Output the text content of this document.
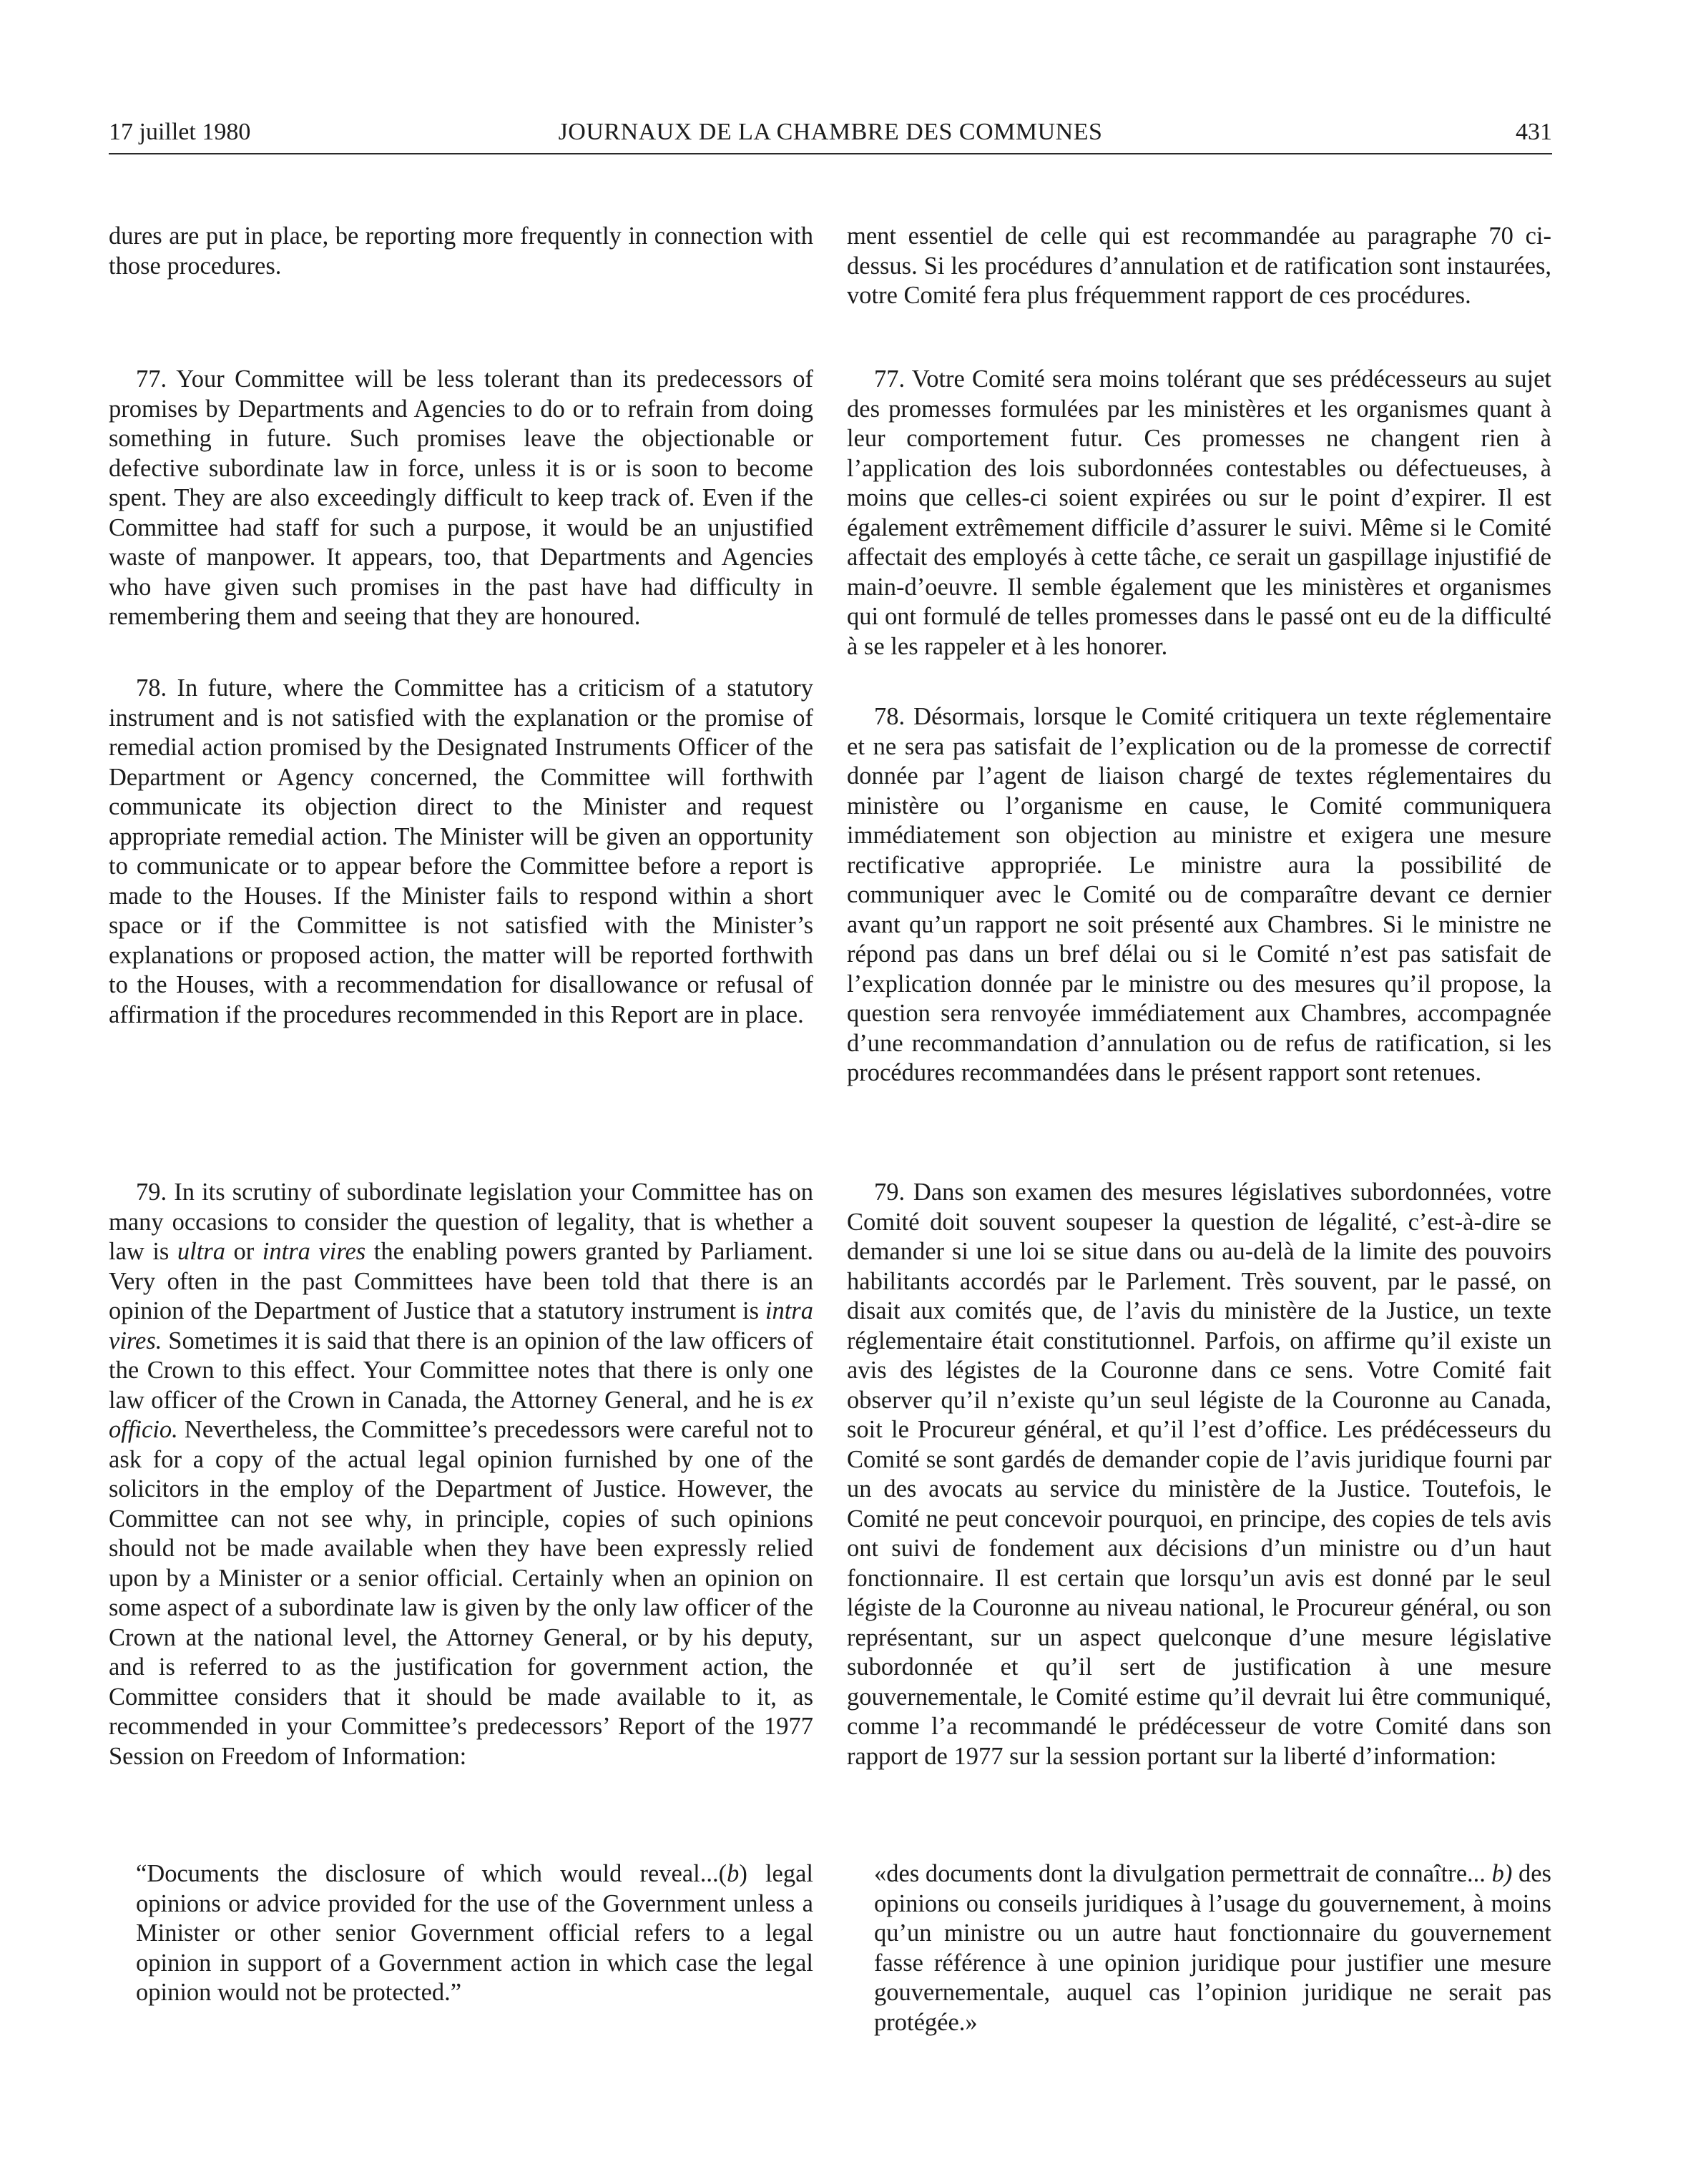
17 juillet 1980	JOURNAUX DE LA CHAMBRE DES COMMUNES	431

dures are put in place, be reporting more frequently in connection with those procedures.

77. Your Committee will be less tolerant than its predecessors of promises by Departments and Agencies to do or to refrain from doing something in future. Such promises leave the objectionable or defective subordinate law in force, unless it is or is soon to become spent. They are also exceedingly difficult to keep track of. Even if the Committee had staff for such a purpose, it would be an unjustified waste of manpower. It appears, too, that Departments and Agencies who have given such promises in the past have had difficulty in remembering them and seeing that they are honoured.

78. In future, where the Committee has a criticism of a statutory instrument and is not satisfied with the explanation or the promise of remedial action promised by the Designated Instruments Officer of the Department or Agency concerned, the Committee will forthwith communicate its objection direct to the Minister and request appropriate remedial action. The Minister will be given an opportunity to communicate or to appear before the Committee before a report is made to the Houses. If the Minister fails to respond within a short space or if the Committee is not satisfied with the Minister’s explanations or proposed action, the matter will be reported forthwith to the Houses, with a recommendation for disallowance or refusal of affirmation if the procedures recommended in this Report are in place.

79. In its scrutiny of subordinate legislation your Committee has on many occasions to consider the question of legality, that is whether a law is ultra or intra vires the enabling powers granted by Parliament. Very often in the past Committees have been told that there is an opinion of the Department of Justice that a statutory instrument is intra vires. Sometimes it is said that there is an opinion of the law officers of the Crown to this effect. Your Committee notes that there is only one law officer of the Crown in Canada, the Attorney General, and he is ex officio. Nevertheless, the Committee’s precedessors were careful not to ask for a copy of the actual legal opinion furnished by one of the solicitors in the employ of the Department of Justice. However, the Committee can not see why, in principle, copies of such opinions should not be made available when they have been expressly relied upon by a Minister or a senior official. Certainly when an opinion on some aspect of a subordinate law is given by the only law officer of the Crown at the national level, the Attorney General, or by his deputy, and is referred to as the justification for government action, the Committee considers that it should be made available to it, as recommended in your Committee’s predecessors’ Report of the 1977 Session on Freedom of Information:

“Documents the disclosure of which would reveal...(b) legal opinions or advice provided for the use of the Government unless a Minister or other senior Government official refers to a legal opinion in support of a Government action in which case the legal opinion would not be protected.”

ment essentiel de celle qui est recommandée au paragraphe 70 ci-dessus. Si les procédures d’annulation et de ratification sont instaurées, votre Comité fera plus fréquemment rapport de ces procédures.

77. Votre Comité sera moins tolérant que ses prédécesseurs au sujet des promesses formulées par les ministères et les organismes quant à leur comportement futur. Ces promesses ne changent rien à l’application des lois subordonnées contestables ou défectueuses, à moins que celles-ci soient expirées ou sur le point d’expirer. Il est également extrêmement difficile d’assurer le suivi. Même si le Comité affectait des employés à cette tâche, ce serait un gaspillage injustifié de main-d’oeuvre. Il semble également que les ministères et organismes qui ont formulé de telles promesses dans le passé ont eu de la difficulté à se les rappeler et à les honorer.

78. Désormais, lorsque le Comité critiquera un texte réglementaire et ne sera pas satisfait de l’explication ou de la promesse de correctif donnée par l’agent de liaison chargé de textes réglementaires du ministère ou l’organisme en cause, le Comité communiquera immédiatement son objection au ministre et exigera une mesure rectificative appropriée. Le ministre aura la possibilité de communiquer avec le Comité ou de comparaître devant ce dernier avant qu’un rapport ne soit présenté aux Chambres. Si le ministre ne répond pas dans un bref délai ou si le Comité n’est pas satisfait de l’explication donnée par le ministre ou des mesures qu’il propose, la question sera renvoyée immédiatement aux Chambres, accompagnée d’une recommandation d’annulation ou de refus de ratification, si les procédures recommandées dans le présent rapport sont retenues.

79. Dans son examen des mesures législatives subordonnées, votre Comité doit souvent soupeser la question de légalité, c’est-à-dire se demander si une loi se situe dans ou au-delà de la limite des pouvoirs habilitants accordés par le Parlement. Très souvent, par le passé, on disait aux comités que, de l’avis du ministère de la Justice, un texte réglementaire était constitutionnel. Parfois, on affirme qu’il existe un avis des légistes de la Couronne dans ce sens. Votre Comité fait observer qu’il n’existe qu’un seul légiste de la Couronne au Canada, soit le Procureur général, et qu’il l’est d’office. Les prédécesseurs du Comité se sont gardés de demander copie de l’avis juridique fourni par un des avocats au service du ministère de la Justice. Toutefois, le Comité ne peut concevoir pourquoi, en principe, des copies de tels avis ont suivi de fondement aux décisions d’un ministre ou d’un haut fonctionnaire. Il est certain que lorsqu’un avis est donné par le seul légiste de la Couronne au niveau national, le Procureur général, ou son représentant, sur un aspect quelconque d’une mesure législative subordonnée et qu’il sert de justification à une mesure gouvernementale, le Comité estime qu’il devrait lui être communiqué, comme l’a recommandé le prédécesseur de votre Comité dans son rapport de 1977 sur la session portant sur la liberté d’information:

«des documents dont la divulgation permettrait de connaître... b) des opinions ou conseils juridiques à l’usage du gouvernement, à moins qu’un ministre ou un autre haut fonctionnaire du gouvernement fasse référence à une opinion juridique pour justifier une mesure gouvernementale, auquel cas l’opinion juridique ne serait pas protégée.»
